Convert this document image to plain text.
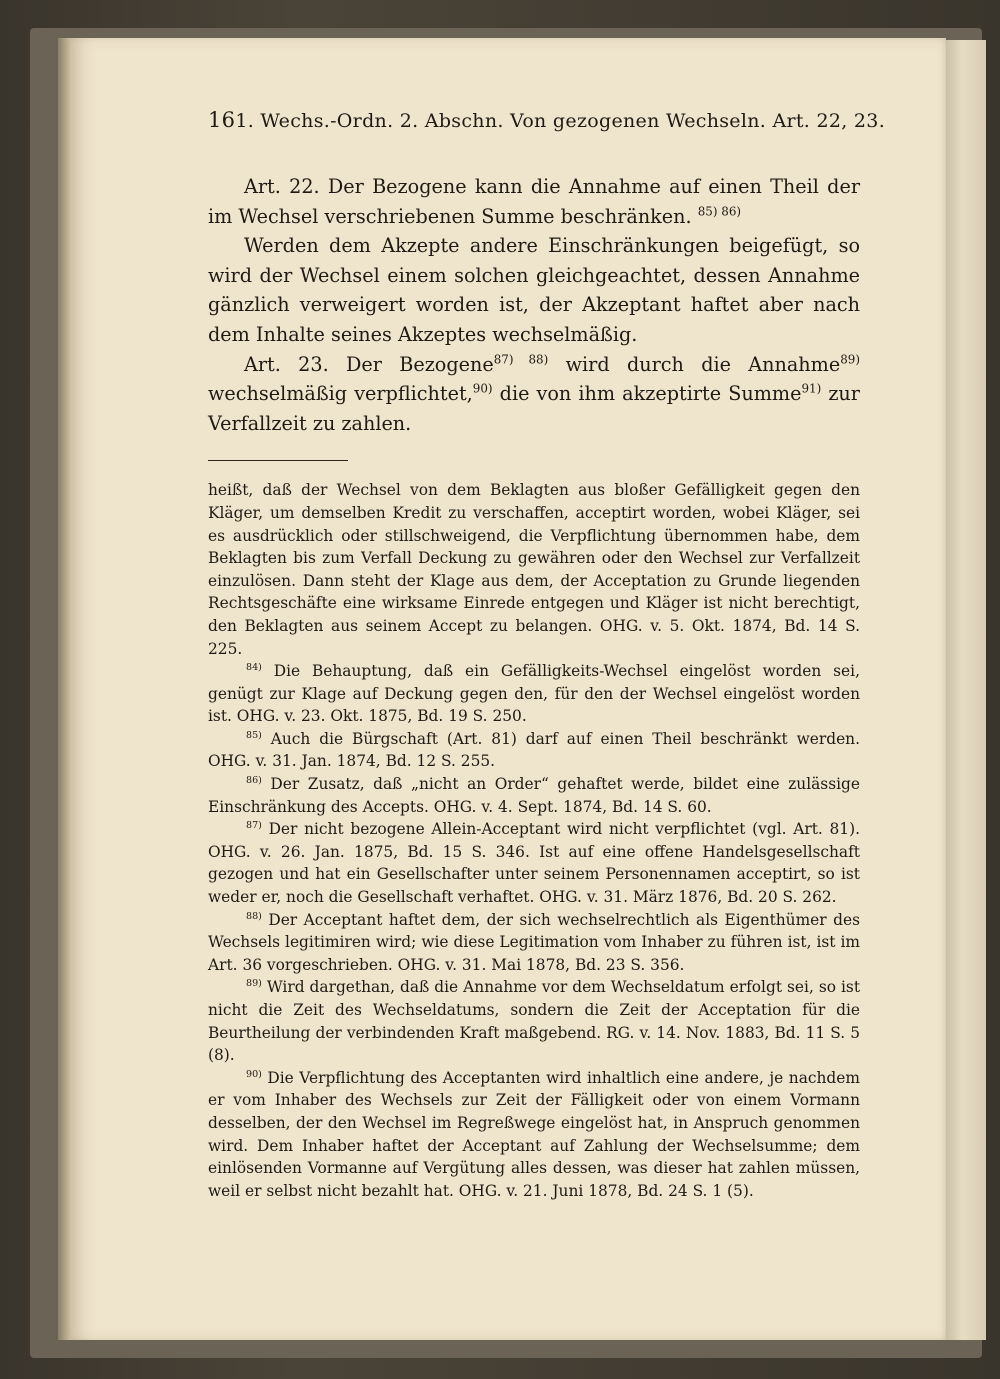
16 1. Wechs.-Ordn. 2. Abschn. Von gezogenen Wechseln. Art. 22, 23.

Art. 22. Der Bezogene kann die Annahme auf einen Theil der im Wechsel verschriebenen Summe beschränken. $^{85) 86)}$

Werden dem Akzepte andere Einschränkungen beigefügt, so wird der Wechsel einem solchen gleichgeachtet, dessen Annahme gänzlich verweigert worden ist, der Akzeptant haftet aber nach dem Inhalte seines Akzeptes wechselmäßig.

Art. 23. Der Bezogene$^{87) 88)}$ wird durch die Annahme$^{89)}$ wechselmäßig verpflichtet,$^{90)}$ die von ihm akzeptirte Summe$^{91)}$ zur Verfallzeit zu zahlen.

heißt, daß der Wechsel von dem Beklagten aus bloßer Gefälligkeit gegen den Kläger, um demselben Kredit zu verschaffen, acceptirt worden, wobei Kläger, sei es ausdrücklich oder stillschweigend, die Verpflichtung übernommen habe, dem Beklagten bis zum Verfall Deckung zu gewähren oder den Wechsel zur Verfallzeit einzulösen. Dann steht der Klage aus dem, der Acceptation zu Grunde liegenden Rechtsgeschäfte eine wirksame Einrede entgegen und Kläger ist nicht berechtigt, den Beklagten aus seinem Accept zu belangen. OHG. v. 5. Okt. 1874, Bd. 14 S. 225.

$^{84)}$ Die Behauptung, daß ein Gefälligkeits-Wechsel eingelöst worden sei, genügt zur Klage auf Deckung gegen den, für den der Wechsel eingelöst worden ist. OHG. v. 23. Okt. 1875, Bd. 19 S. 250.

$^{85)}$ Auch die Bürgschaft (Art. 81) darf auf einen Theil beschränkt werden. OHG. v. 31. Jan. 1874, Bd. 12 S. 255.

$^{86)}$ Der Zusatz, daß „nicht an Order“ gehaftet werde, bildet eine zulässige Einschränkung des Accepts. OHG. v. 4. Sept. 1874, Bd. 14 S. 60.

$^{87)}$ Der nicht bezogene Allein-Acceptant wird nicht verpflichtet (vgl. Art. 81). OHG. v. 26. Jan. 1875, Bd. 15 S. 346. Ist auf eine offene Handelsgesellschaft gezogen und hat ein Gesellschafter unter seinem Personennamen acceptirt, so ist weder er, noch die Gesellschaft verhaftet. OHG. v. 31. März 1876, Bd. 20 S. 262.

$^{88)}$ Der Acceptant haftet dem, der sich wechselrechtlich als Eigenthümer des Wechsels legitimiren wird; wie diese Legitimation vom Inhaber zu führen ist, ist im Art. 36 vorgeschrieben. OHG. v. 31. Mai 1878, Bd. 23 S. 356.

$^{89)}$ Wird dargethan, daß die Annahme vor dem Wechseldatum erfolgt sei, so ist nicht die Zeit des Wechseldatums, sondern die Zeit der Acceptation für die Beurtheilung der verbindenden Kraft maßgebend. RG. v. 14. Nov. 1883, Bd. 11 S. 5 (8).

$^{90)}$ Die Verpflichtung des Acceptanten wird inhaltlich eine andere, je nachdem er vom Inhaber des Wechsels zur Zeit der Fälligkeit oder von einem Vormann desselben, der den Wechsel im Regreßwege eingelöst hat, in Anspruch genommen wird. Dem Inhaber haftet der Acceptant auf Zahlung der Wechselsumme; dem einlösenden Vormanne auf Vergütung alles dessen, was dieser hat zahlen müssen, weil er selbst nicht bezahlt hat. OHG. v. 21. Juni 1878, Bd. 24 S. 1 (5).
